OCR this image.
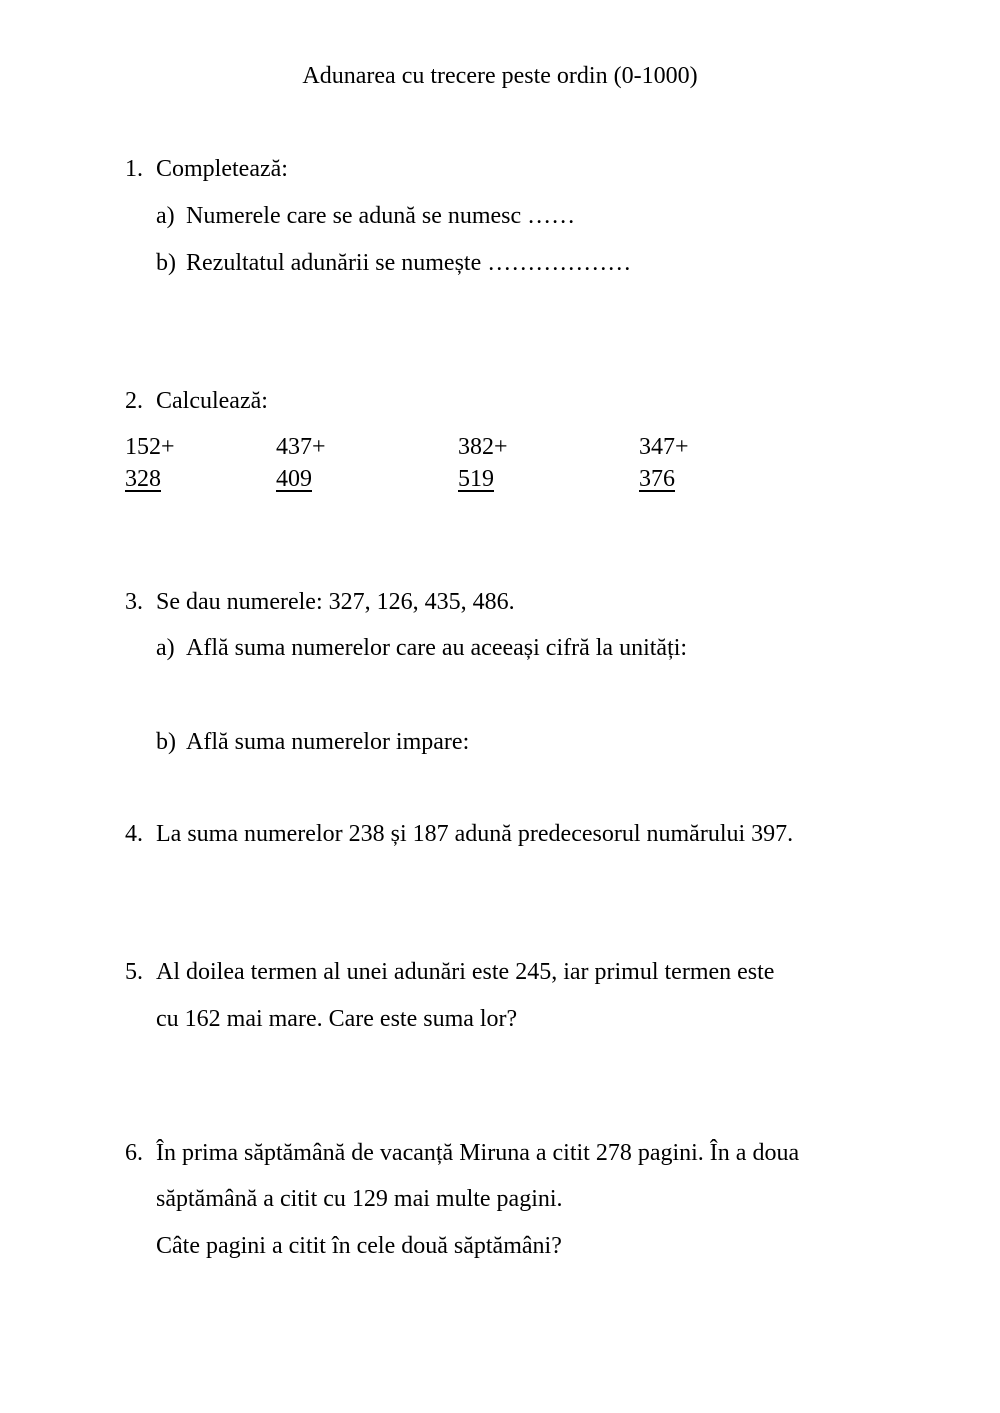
Adunarea cu trecere peste ordin (0-1000)
1. Completează:
a) Numerele care se adună se numesc ……
b) Rezultatul adunării se numește ………………
2. Calculează:
152+
328
437+
409
382+
519
347+
376
3. Se dau numerele: 327, 126, 435, 486.
a) Află suma numerelor care au aceeași cifră la unități:
b) Află suma numerelor impare:
4. La suma numerelor 238 și 187 adună predecesorul numărului 397.
5. Al doilea termen al unei adunări este 245, iar primul termen este
cu 162 mai mare. Care este suma lor?
6. În prima săptămână de vacanță Miruna a citit 278 pagini. În a doua
săptămână a citit cu 129 mai multe pagini.
Câte pagini a citit în cele două săptămâni?
